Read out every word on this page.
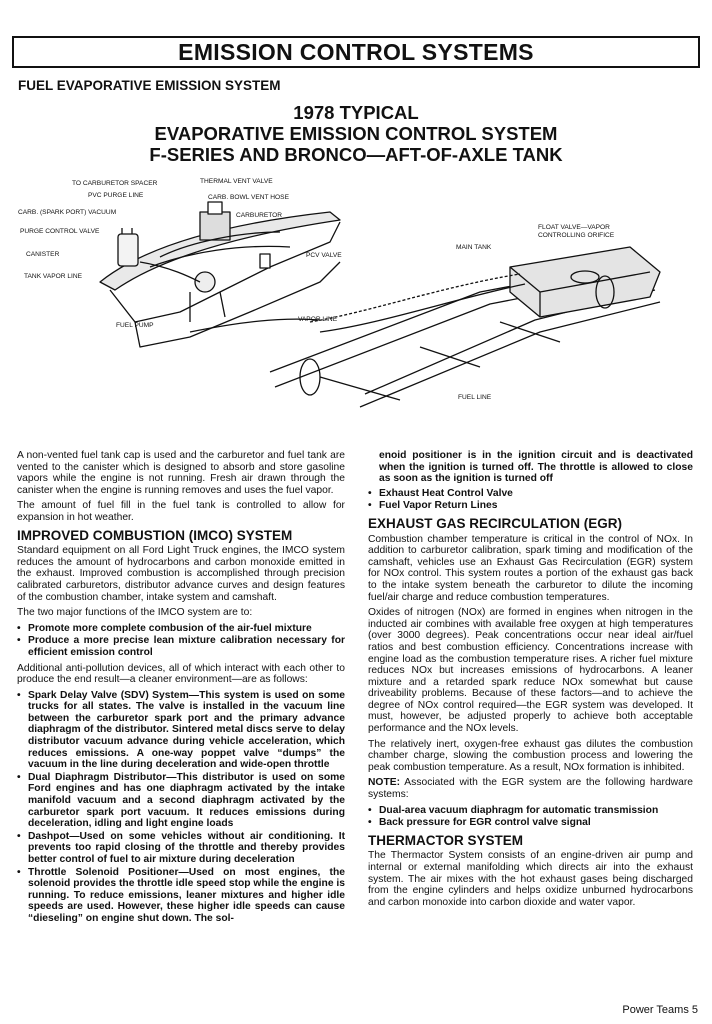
EMISSION CONTROL SYSTEMS
FUEL EVAPORATIVE EMISSION SYSTEM
1978 TYPICAL
EVAPORATIVE EMISSION CONTROL SYSTEM
F-SERIES AND BRONCO—AFT-OF-AXLE TANK
TO CARBURETOR SPACER	THERMAL VENT VALVE
PVC PURGE LINE	CARB. BOWL VENT HOSE
CARB. (SPARK PORT) VACUUM	CARBURETOR
PURGE CONTROL VALVE
CANISTER	PCV VALVE
TANK VAPOR LINE
FUEL PUMP
VAPOR LINE
MAIN TANK
FLOAT VALVE—VAPOR
CONTROLLING ORIFICE
FUEL LINE

A non-vented fuel tank cap is used and the carburetor and fuel tank are vented to the canister which is designed to absorb and store gasoline vapors while the engine is not running. Fresh air drawn through the canister when the engine is running removes and uses the fuel vapor.

The amount of fuel fill in the fuel tank is controlled to allow for expansion in hot weather.

IMPROVED COMBUSTION (IMCO) SYSTEM

Standard equipment on all Ford Light Truck engines, the IMCO system reduces the amount of hydrocarbons and carbon monoxide emitted in the exhaust. Improved combustion is accomplished through precision calibrated carburetors, distributor advance curves and design features of the combustion chamber, intake system and camshaft.

The two major functions of the IMCO system are to:

• Promote more complete combusion of the air-fuel mixture
• Produce a more precise lean mixture calibration necessary for efficient emission control

Additional anti-pollution devices, all of which interact with each other to produce the end result—a cleaner environment—are as follows:

• Spark Delay Valve (SDV) System—This system is used on some trucks for all states. The valve is installed in the vacuum line between the carburetor spark port and the primary advance diaphragm of the distributor. Sintered metal discs serve to delay distributor vacuum advance during vehicle acceleration, which reduces emissions. A one-way poppet valve “dumps” the vacuum in the line during deceleration and wide-open throttle
• Dual Diaphragm Distributor—This distributor is used on some Ford engines and has one diaphragm activated by the intake manifold vacuum and a second diaphragm activated by the carburetor spark port vacuum. It reduces emissions during deceleration, idling and light engine loads
• Dashpot—Used on some vehicles without air conditioning. It prevents too rapid closing of the throttle and thereby provides better control of fuel to air mixture during deceleration
• Throttle Solenoid Positioner—Used on most engines, the solenoid provides the throttle idle speed stop while the engine is running. To reduce emissions, leaner mixtures and higher idle speeds are used. However, these higher idle speeds can cause “dieseling” on engine shut down. The sol-

enoid positioner is in the ignition circuit and is deactivated when the ignition is turned off. The throttle is allowed to close as soon as the ignition is turned off

• Exhaust Heat Control Valve
• Fuel Vapor Return Lines
EXHAUST GAS RECIRCULATION (EGR)

Combustion chamber temperature is critical in the control of NOx. In addition to carburetor calibration, spark timing and modification of the camshaft, vehicles use an Exhaust Gas Recirculation (EGR) system for NOx control. This system routes a portion of the exhaust gas back to the intake system beneath the carburetor to dilute the incoming fuel/air charge and reduce combustion temperatures.

Oxides of nitrogen (NOx) are formed in engines when nitrogen in the inducted air combines with available free oxygen at high temperatures (over 3000 degrees). Peak concentrations occur near ideal air/fuel ratios and best combustion efficiency. Concentrations increase with engine load as the combustion temperature rises. A richer fuel mixture reduces NOx but increases emissions of hydrocarbons. A leaner mixture and a retarded spark reduce NOx somewhat but cause driveability problems. Because of these factors—and to achieve the degree of NOx control required—the EGR system was developed. It must, however, be adjusted properly to achieve both acceptable performance and the NOx levels.

The relatively inert, oxygen-free exhaust gas dilutes the combustion chamber charge, slowing the combustion process and lowering the peak combustion temperature. As a result, NOx formation is inhibited.

NOTE: Associated with the EGR system are the following hardware systems:

• Dual-area vacuum diaphragm for automatic transmission
• Back pressure for EGR control valve signal
THERMACTOR SYSTEM

The Thermactor System consists of an engine-driven air pump and internal or external manifolding which directs air into the exhaust system. The air mixes with the hot exhaust gases being discharged from the engine cylinders and helps oxidize unburned hydrocarbons and carbon monoxide into carbon dioxide and water vapor.

Power Teams 5
